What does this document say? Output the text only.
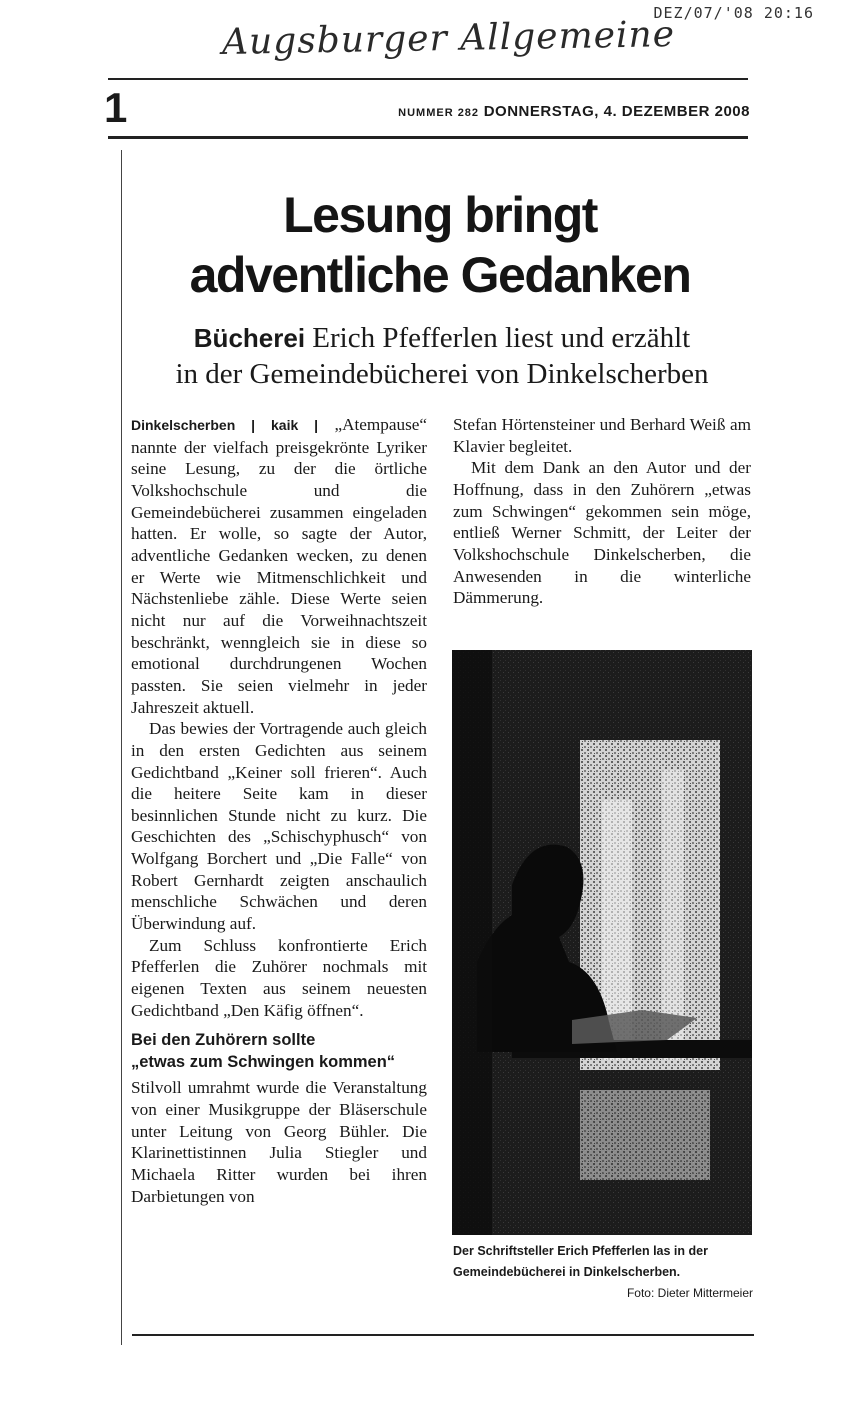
DEZ/07/'08 20:16
Augsburger Allgemeine
1	NUMMER 282 DONNERSTAG, 4. DEZEMBER 2008
Lesung bringt
adventliche Gedanken
Bücherei Erich Pfefferlen liest und erzählt
in der Gemeindebücherei von Dinkelscherben

Dinkelscherben | kaik | „Atempause“ nannte der vielfach preisgekrönte Lyriker seine Lesung, zu der die örtliche Volkshochschule und die Gemeindebücherei zusammen eingeladen hatten. Er wolle, so sagte der Autor, adventliche Gedanken wecken, zu denen er Werte wie Mitmenschlichkeit und Nächstenliebe zähle. Diese Werte seien nicht nur auf die Vorweihnachtszeit beschränkt, wenngleich sie in diese so emotional durchdrungenen Wochen passten. Sie seien vielmehr in jeder Jahreszeit aktuell.

Das bewies der Vortragende auch gleich in den ersten Gedichten aus seinem Gedichtband „Keiner soll frieren“. Auch die heitere Seite kam in dieser besinnlichen Stunde nicht zu kurz. Die Geschichten des „Schischyphusch“ von Wolfgang Borchert und „Die Falle“ von Robert Gernhardt zeigten anschaulich menschliche Schwächen und deren Überwindung auf.

Zum Schluss konfrontierte Erich Pfefferlen die Zuhörer nochmals mit eigenen Texten aus seinem neuesten Gedichtband „Den Käfig öffnen“.

Bei den Zuhörern sollte
„etwas zum Schwingen kommen“

Stilvoll umrahmt wurde die Veranstaltung von einer Musikgruppe der Bläserschule unter Leitung von Georg Bühler. Die Klarinettistinnen Julia Stiegler und Michaela Ritter wurden bei ihren Darbietungen von

Stefan Hörtensteiner und Berhard Weiß am Klavier begleitet.

Mit dem Dank an den Autor und der Hoffnung, dass in den Zuhörern „etwas zum Schwingen“ gekommen sein möge, entließ Werner Schmitt, der Leiter der Volkshochschule Dinkelscherben, die Anwesenden in die winterliche Dämmerung.

Der Schriftsteller Erich Pfefferlen las in der Gemeindebücherei in Dinkelscherben.
Foto: Dieter Mittermeier
